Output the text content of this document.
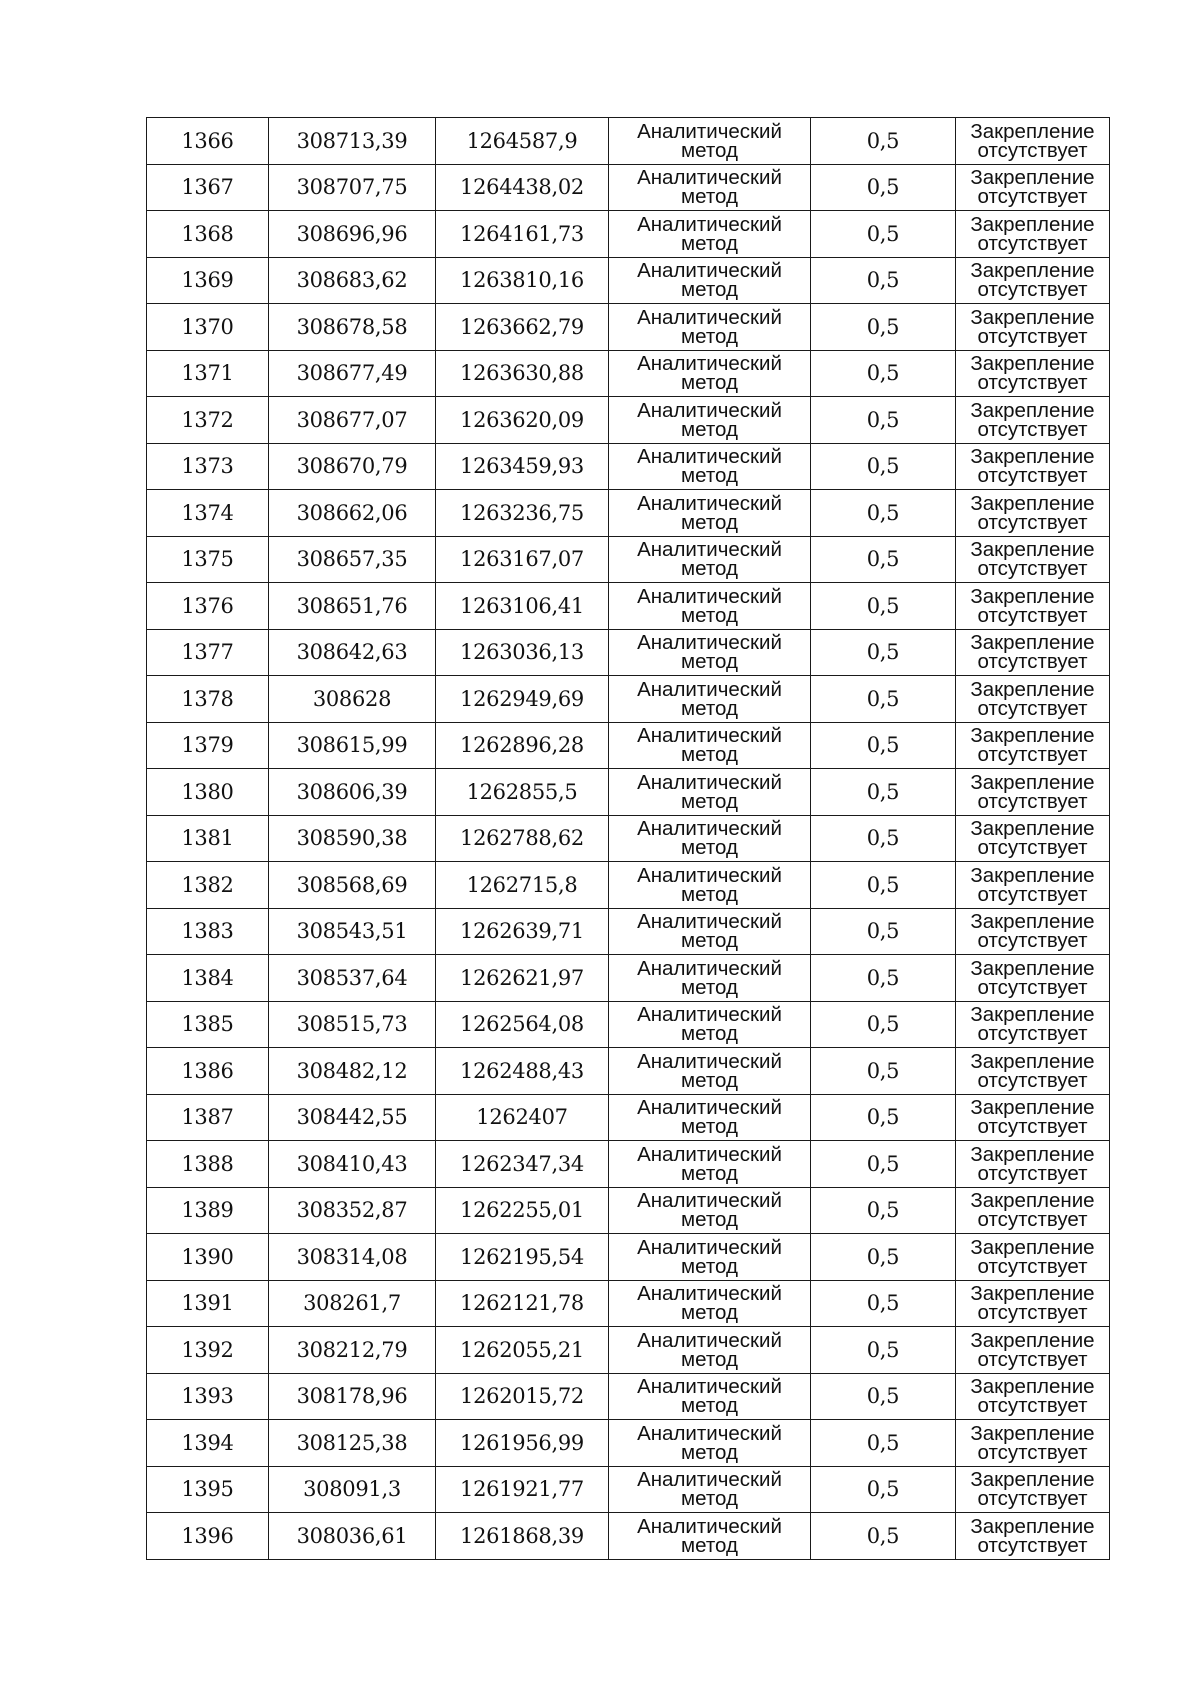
1366	308713,39	1264587,9	Аналитический
метод	0,5	Закрепление
отсутствует

1367	308707,75	1264438,02	Аналитический
метод	0,5	Закрепление
отсутствует

1368	308696,96	1264161,73	Аналитический
метод	0,5	Закрепление
отсутствует

1369	308683,62	1263810,16	Аналитический
метод	0,5	Закрепление
отсутствует

1370	308678,58	1263662,79	Аналитический
метод	0,5	Закрепление
отсутствует

1371	308677,49	1263630,88	Аналитический
метод	0,5	Закрепление
отсутствует

1372	308677,07	1263620,09	Аналитический
метод	0,5	Закрепление
отсутствует

1373	308670,79	1263459,93	Аналитический
метод	0,5	Закрепление
отсутствует

1374	308662,06	1263236,75	Аналитический
метод	0,5	Закрепление
отсутствует

1375	308657,35	1263167,07	Аналитический
метод	0,5	Закрепление
отсутствует

1376	308651,76	1263106,41	Аналитический
метод	0,5	Закрепление
отсутствует

1377	308642,63	1263036,13	Аналитический
метод	0,5	Закрепление
отсутствует

1378	308628	1262949,69	Аналитический
метод	0,5	Закрепление
отсутствует

1379	308615,99	1262896,28	Аналитический
метод	0,5	Закрепление
отсутствует

1380	308606,39	1262855,5	Аналитический
метод	0,5	Закрепление
отсутствует

1381	308590,38	1262788,62	Аналитический
метод	0,5	Закрепление
отсутствует

1382	308568,69	1262715,8	Аналитический
метод	0,5	Закрепление
отсутствует

1383	308543,51	1262639,71	Аналитический
метод	0,5	Закрепление
отсутствует

1384	308537,64	1262621,97	Аналитический
метод	0,5	Закрепление
отсутствует

1385	308515,73	1262564,08	Аналитический
метод	0,5	Закрепление
отсутствует

1386	308482,12	1262488,43	Аналитический
метод	0,5	Закрепление
отсутствует

1387	308442,55	1262407	Аналитический
метод	0,5	Закрепление
отсутствует

1388	308410,43	1262347,34	Аналитический
метод	0,5	Закрепление
отсутствует

1389	308352,87	1262255,01	Аналитический
метод	0,5	Закрепление
отсутствует

1390	308314,08	1262195,54	Аналитический
метод	0,5	Закрепление
отсутствует

1391	308261,7	1262121,78	Аналитический
метод	0,5	Закрепление
отсутствует

1392	308212,79	1262055,21	Аналитический
метод	0,5	Закрепление
отсутствует

1393	308178,96	1262015,72	Аналитический
метод	0,5	Закрепление
отсутствует

1394	308125,38	1261956,99	Аналитический
метод	0,5	Закрепление
отсутствует

1395	308091,3	1261921,77	Аналитический
метод	0,5	Закрепление
отсутствует

1396	308036,61	1261868,39	Аналитический
метод	0,5	Закрепление
отсутствует
